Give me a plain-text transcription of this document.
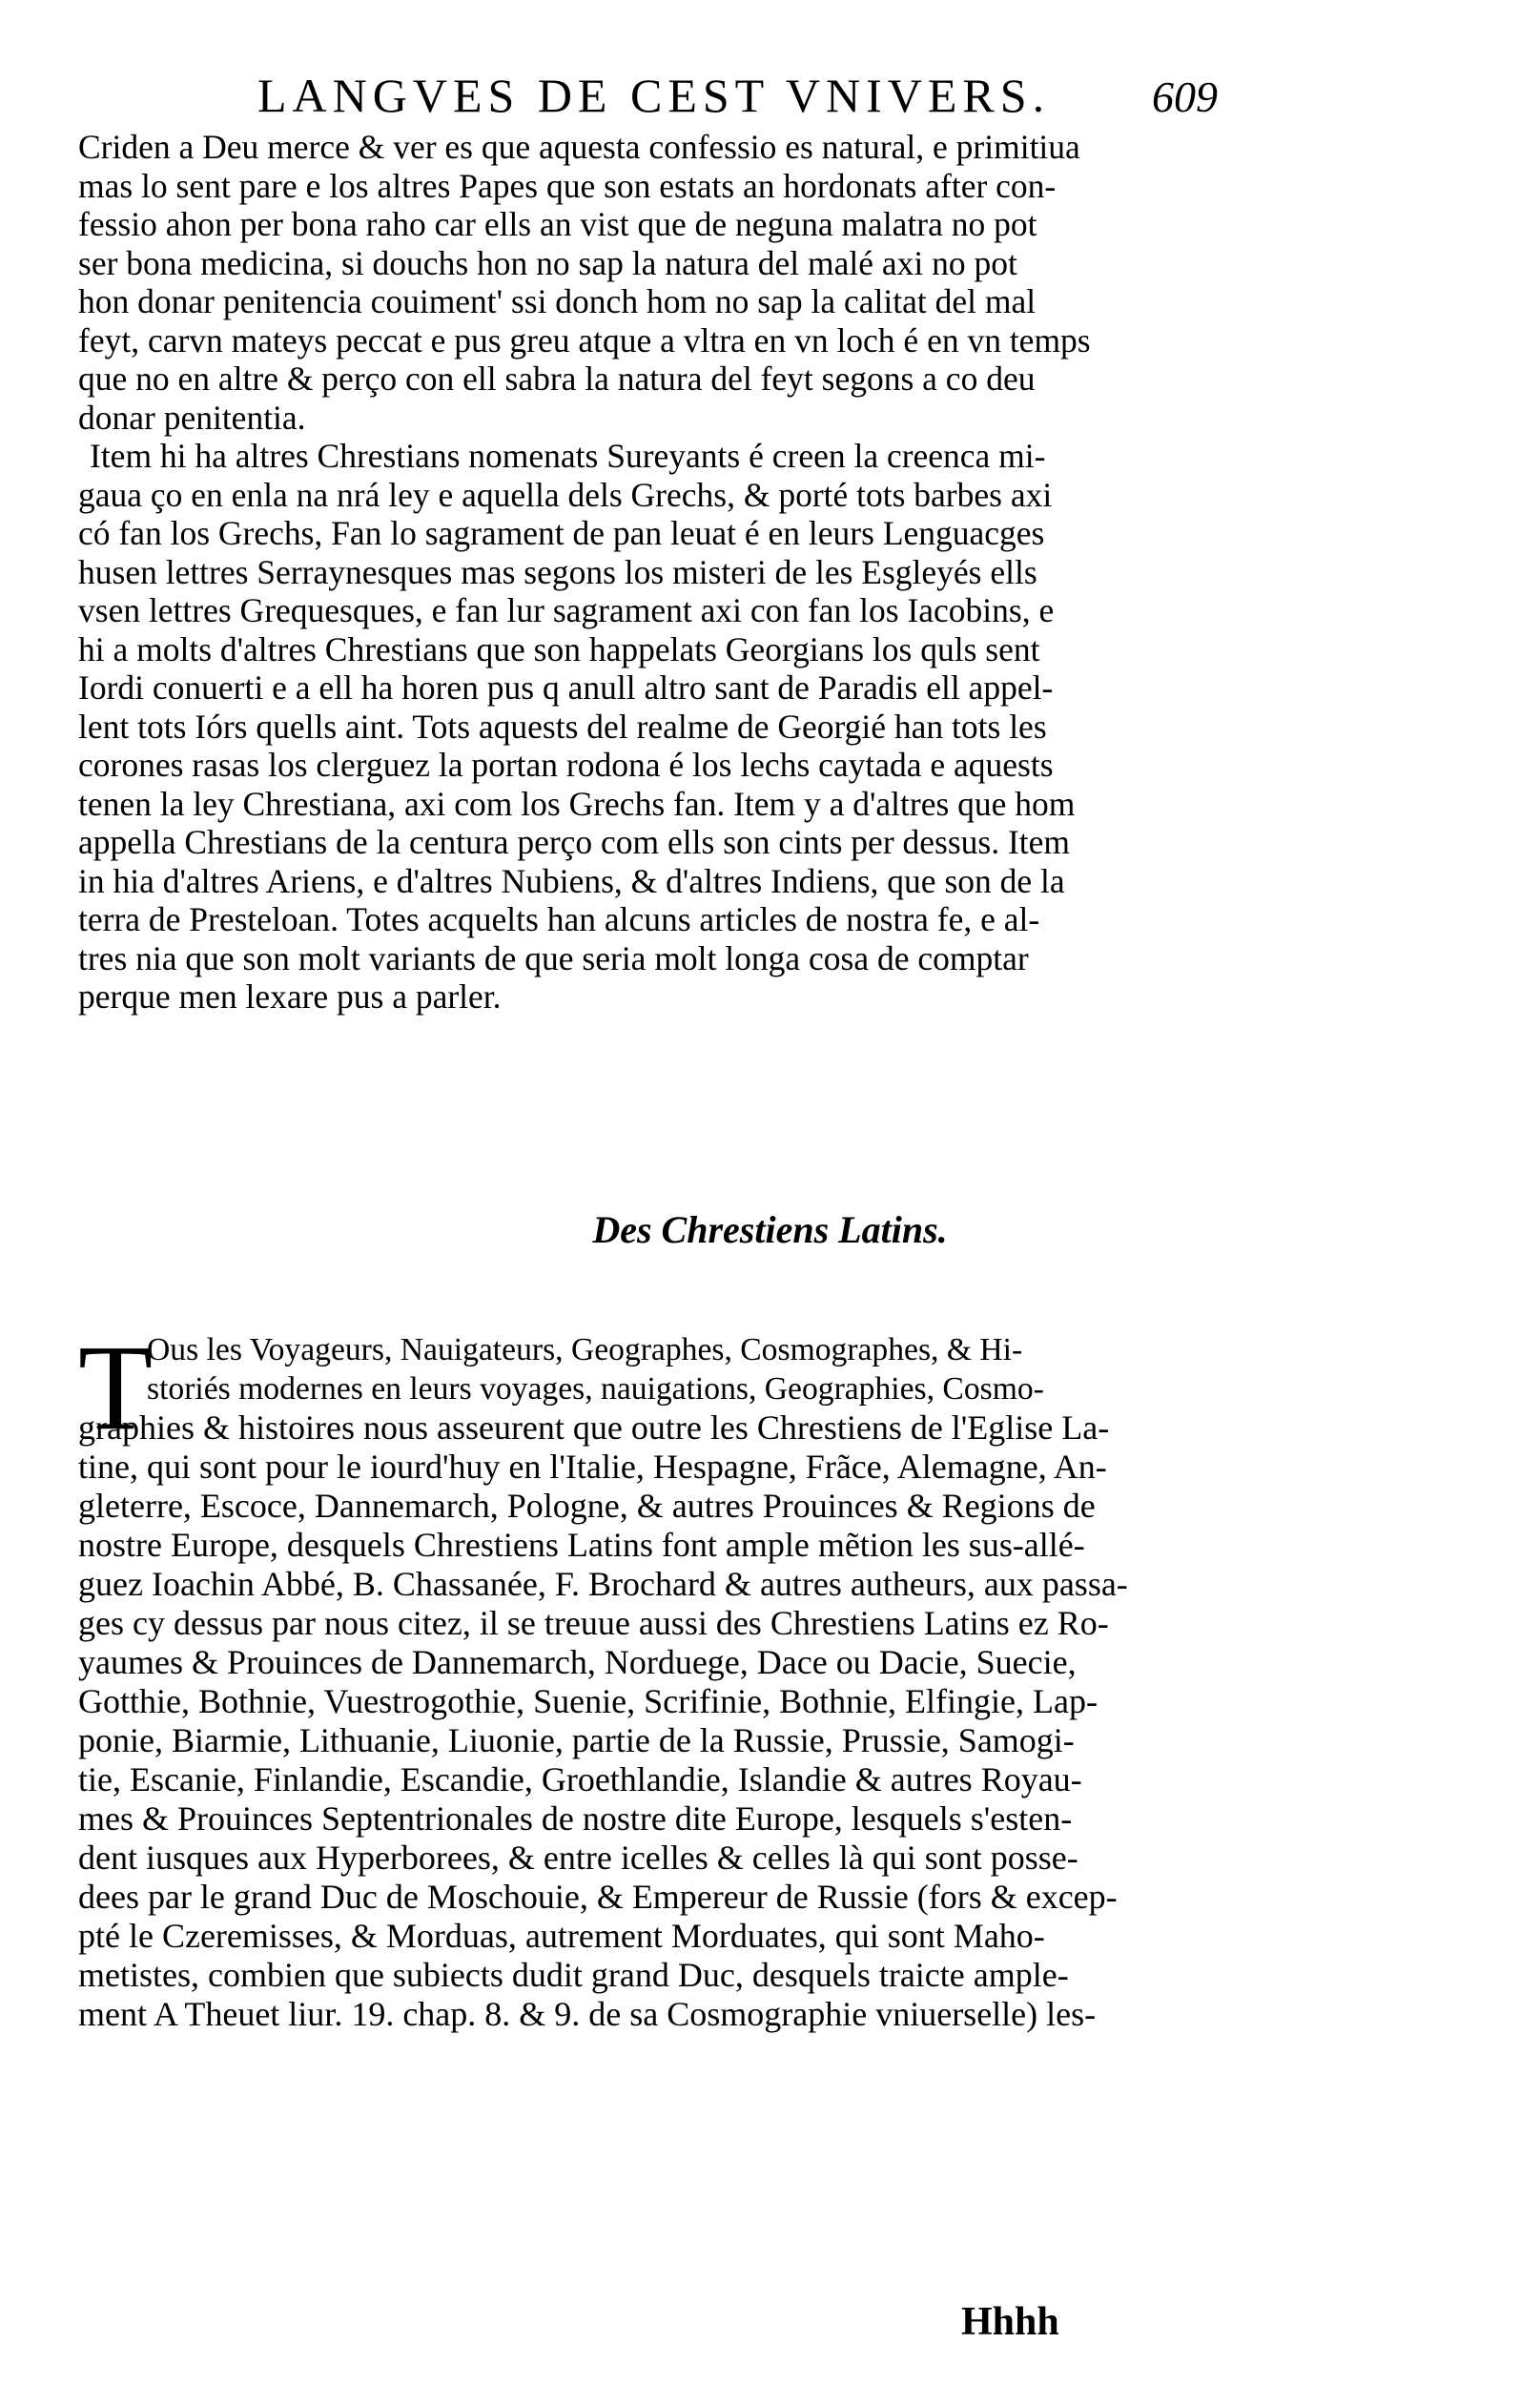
LANGVES DE CEST VNIVERS.	609
Criden a Deu merce & ver es que aquesta confessio es natural, e primitiua
mas lo sent pare e los altres Papes que son estats an hordonats after con-
fessio ahon per bona raho car ells an vist que de neguna malatra no pot
ser bona medicina, si douchs hon no sap la natura del malé axi no pot
hon donar penitencia couiment' ssi donch hom no sap la calitat del mal
feyt, carvn mateys peccat e pus greu atque a vltra en vn loch é en vn temps
que no en altre & perço con ell sabra la natura del feyt segons a co deu
donar penitentia.
Item hi ha altres Chrestians nomenats Sureyants é creen la creenca mi-
gaua ço en enla na nrá ley e aquella dels Grechs, & porté tots barbes axi
có fan los Grechs, Fan lo sagrament de pan leuat é en leurs Lenguacges
husen lettres Serraynesques mas segons los misteri de les Esgleyés ells
vsen lettres Grequesques, e fan lur sagrament axi con fan los Iacobins, e
hi a molts d'altres Chrestians que son happelats Georgians los quls sent
Iordi conuerti e a ell ha horen pus q anull altro sant de Paradis ell appel-
lent tots Iórs quells aint. Tots aquests del realme de Georgié han tots les
corones rasas los clerguez la portan rodona é los lechs caytada e aquests
tenen la ley Chrestiana, axi com los Grechs fan. Item y a d'altres que hom
appella Chrestians de la centura perço com ells son cints per dessus. Item
in hia d'altres Ariens, e d'altres Nubiens, & d'altres Indiens, que son de la
terra de Presteloan. Totes acquelts han alcuns articles de nostra fe, e al-
tres nia que son molt variants de que seria molt longa cosa de comptar
perque men lexare pus a parler.
Des Chrestiens Latins.
T
Ous les Voyageurs, Nauigateurs, Geographes, Cosmographes, & Hi-
storiés modernes en leurs voyages, nauigations, Geographies, Cosmo-
graphies & histoires nous asseurent que outre les Chrestiens de l'Eglise La-
tine, qui sont pour le iourd'huy en l'Italie, Hespagne, Frãce, Alemagne, An-
gleterre, Escoce, Dannemarch, Pologne, & autres Prouinces & Regions de
nostre Europe, desquels Chrestiens Latins font ample mẽtion les sus-allé-
guez Ioachin Abbé, B. Chassanée, F. Brochard & autres autheurs, aux passa-
ges cy dessus par nous citez, il se treuue aussi des Chrestiens Latins ez Ro-
yaumes & Prouinces de Dannemarch, Norduege, Dace ou Dacie, Suecie,
Gotthie, Bothnie, Vuestrogothie, Suenie, Scrifinie, Bothnie, Elfingie, Lap-
ponie, Biarmie, Lithuanie, Liuonie, partie de la Russie, Prussie, Samogi-
tie, Escanie, Finlandie, Escandie, Groethlandie, Islandie & autres Royau-
mes & Prouinces Septentrionales de nostre dite Europe, lesquels s'esten-
dent iusques aux Hyperborees, & entre icelles & celles là qui sont posse-
dees par le grand Duc de Moschouie, & Empereur de Russie (fors & excep-
pté le Czeremisses, & Morduas, autrement Morduates, qui sont Maho-
metistes, combien que subiects dudit grand Duc, desquels traicte ample-
ment A Theuet liur. 19. chap. 8. & 9. de sa Cosmographie vniuerselle) les-
Hhhh
